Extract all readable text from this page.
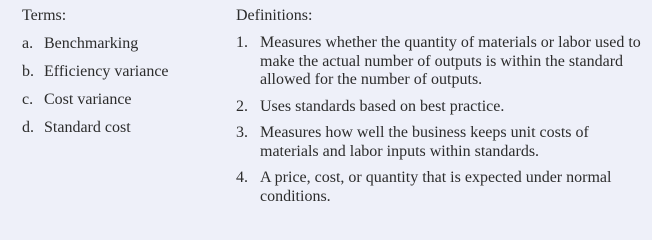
Terms:
a. Benchmarking
b. Efficiency variance
c. Cost variance
d. Standard cost
Definitions:
1. Measures whether the quantity of materials or labor used to make the actual number of outputs is within the standard allowed for the number of outputs.
2. Uses standards based on best practice.
3. Measures how well the business keeps unit costs of materials and labor inputs within standards.
4. A price, cost, or quantity that is expected under normal conditions.
